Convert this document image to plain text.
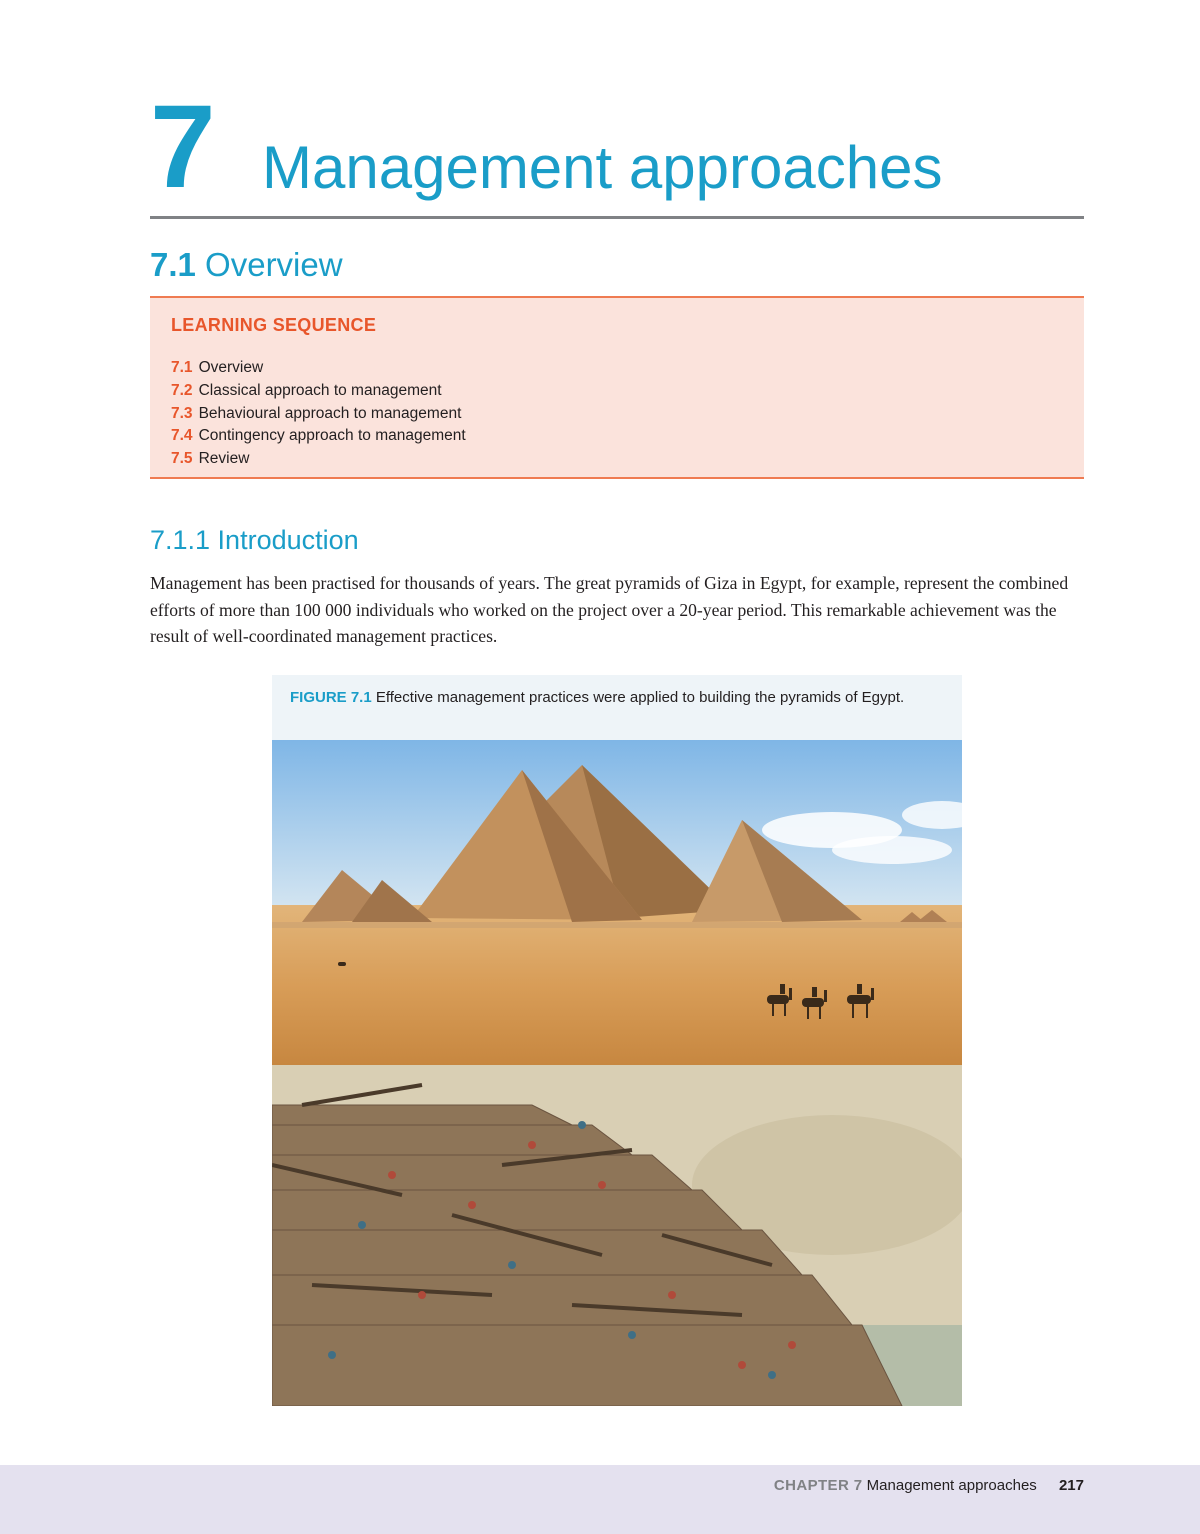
7 Management approaches
7.1 Overview
LEARNING SEQUENCE
7.1 Overview
7.2 Classical approach to management
7.3 Behavioural approach to management
7.4 Contingency approach to management
7.5 Review
7.1.1 Introduction

Management has been practised for thousands of years. The great pyramids of Giza in Egypt, for example, represent the combined efforts of more than 100 000 individuals who worked on the project over a 20-year period. This remarkable achievement was the result of well-coordinated management practices.

FIGURE 7.1 Effective management practices were applied to building the pyramids of Egypt.
CHAPTER 7 Management approaches 217
